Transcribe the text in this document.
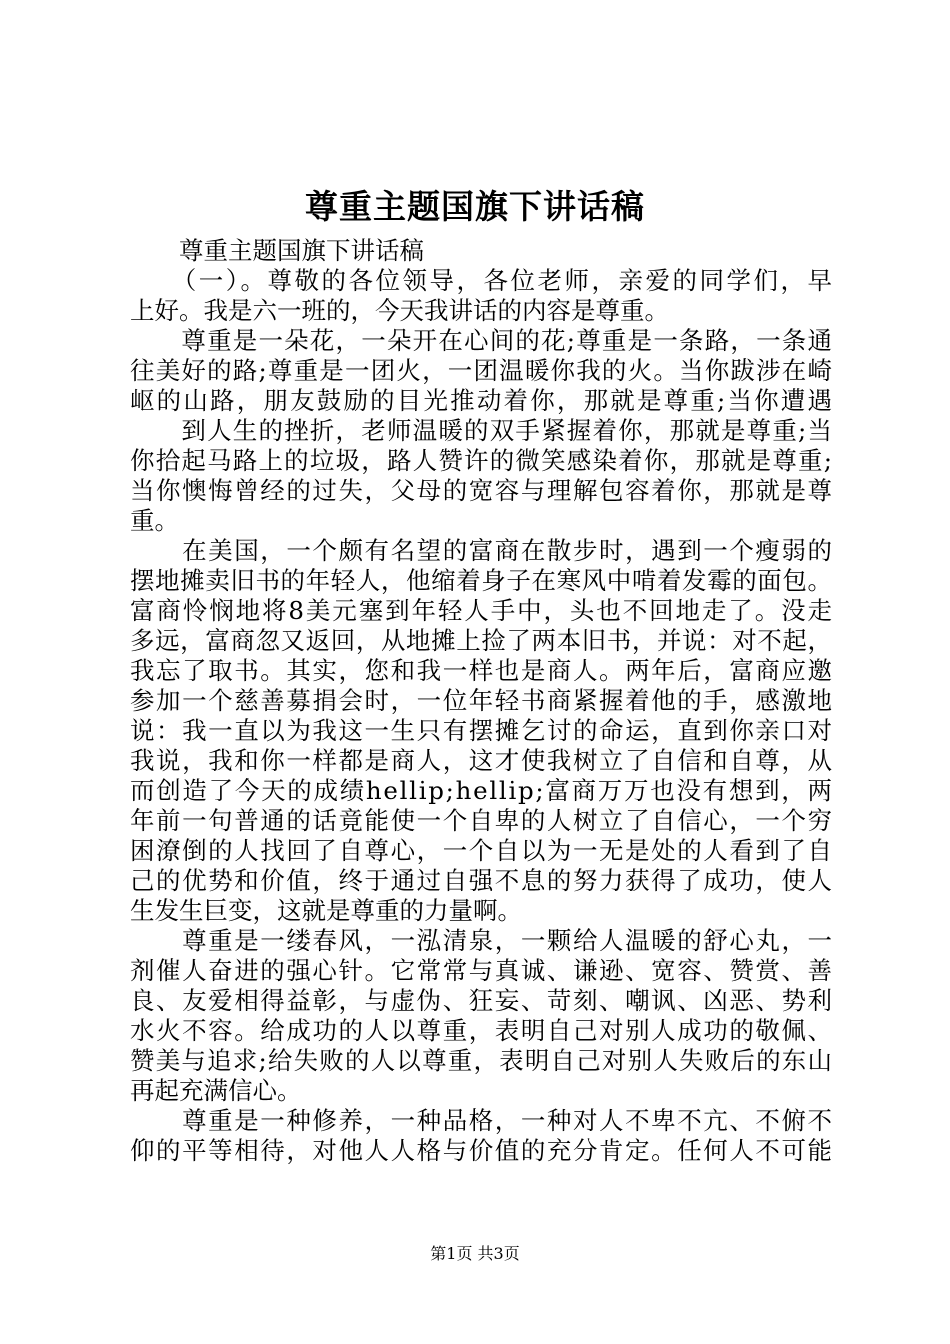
尊重主题国旗下讲话稿
　　尊重主题国旗下讲话稿
　　（一）。尊敬的各位领导，各位老师，亲爱的同学们，早
上好。我是六一班的，今天我讲话的内容是尊重。
　　尊重是一朵花，一朵开在心间的花;尊重是一条路，一条通
往美好的路;尊重是一团火，一团温暖你我的火。当你跋涉在崎
岖的山路，朋友鼓励的目光推动着你，那就是尊重;当你遭遇
　　到人生的挫折，老师温暖的双手紧握着你，那就是尊重;当
你拾起马路上的垃圾，路人赞许的微笑感染着你，那就是尊重;
当你懊悔曾经的过失，父母的宽容与理解包容着你，那就是尊
重。
　　在美国，一个颇有名望的富商在散步时，遇到一个瘦弱的
摆地摊卖旧书的年轻人，他缩着身子在寒风中啃着发霉的面包。
富商怜悯地将8美元塞到年轻人手中，头也不回地走了。没走
多远，富商忽又返回，从地摊上捡了两本旧书，并说：对不起，
我忘了取书。其实，您和我一样也是商人。两年后，富商应邀
参加一个慈善募捐会时，一位年轻书商紧握着他的手，感激地
说：我一直以为我这一生只有摆摊乞讨的命运，直到你亲口对
我说，我和你一样都是商人，这才使我树立了自信和自尊，从
而创造了今天的成绩hellip;hellip;富商万万也没有想到，两
年前一句普通的话竟能使一个自卑的人树立了自信心，一个穷
困潦倒的人找回了自尊心，一个自以为一无是处的人看到了自
己的优势和价值，终于通过自强不息的努力获得了成功，使人
生发生巨变，这就是尊重的力量啊。
　　尊重是一缕春风，一泓清泉，一颗给人温暖的舒心丸，一
剂催人奋进的强心针。它常常与真诚、谦逊、宽容、赞赏、善
良、友爱相得益彰，与虚伪、狂妄、苛刻、嘲讽、凶恶、势利
水火不容。给成功的人以尊重，表明自己对别人成功的敬佩、
赞美与追求;给失败的人以尊重，表明自己对别人失败后的东山
再起充满信心。
　　尊重是一种修养，一种品格，一种对人不卑不亢、不俯不
仰的平等相待，对他人人格与价值的充分肯定。任何人不可能
第1页 共3页
